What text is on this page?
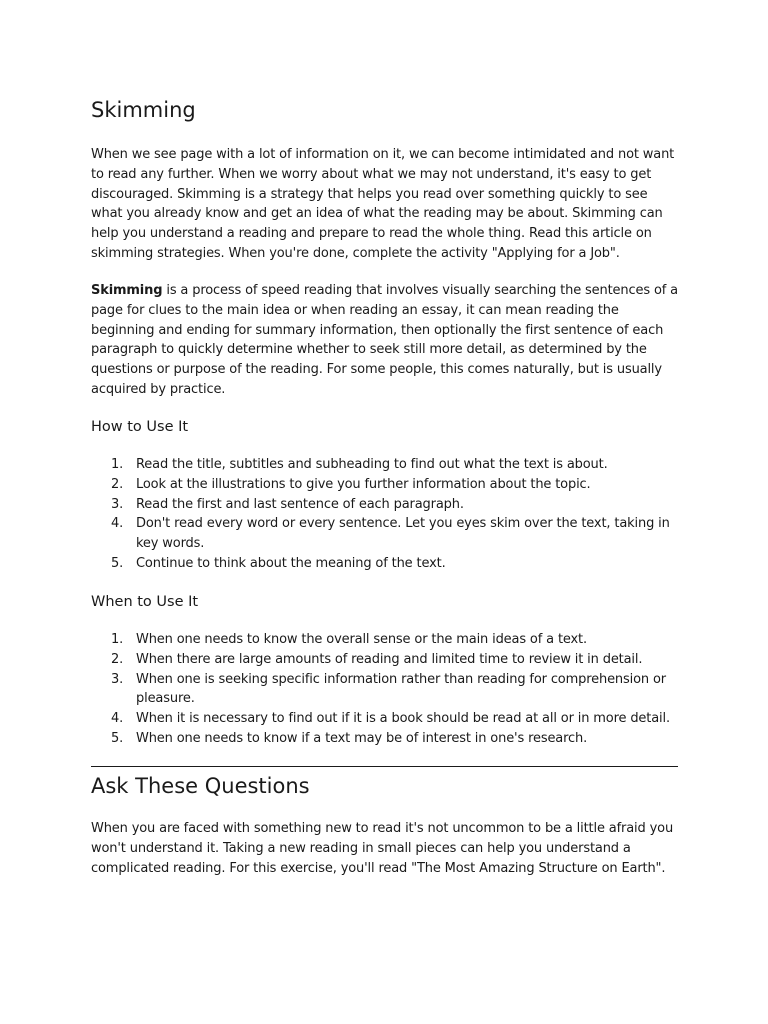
Skimming

When we see page with a lot of information on it, we can become intimidated and not want to read any further. When we worry about what we may not understand, it's easy to get discouraged. Skimming is a strategy that helps you read over something quickly to see what you already know and get an idea of what the reading may be about. Skimming can help you understand a reading and prepare to read the whole thing. Read this article on skimming strategies. When you're done, complete the activity "Applying for a Job".

Skimming is a process of speed reading that involves visually searching the sentences of a page for clues to the main idea or when reading an essay, it can mean reading the beginning and ending for summary information, then optionally the first sentence of each paragraph to quickly determine whether to seek still more detail, as determined by the questions or purpose of the reading. For some people, this comes naturally, but is usually acquired by practice.

How to Use It
1. Read the title, subtitles and subheading to find out what the text is about.
2. Look at the illustrations to give you further information about the topic.
3. Read the first and last sentence of each paragraph.
4. Don't read every word or every sentence. Let you eyes skim over the text, taking in key words.
5. Continue to think about the meaning of the text.
When to Use It
1. When one needs to know the overall sense or the main ideas of a text.
2. When there are large amounts of reading and limited time to review it in detail.
3. When one is seeking specific information rather than reading for comprehension or pleasure.
4. When it is necessary to find out if it is a book should be read at all or in more detail.
5. When one needs to know if a text may be of interest in one's research.
Ask These Questions

When you are faced with something new to read it's not uncommon to be a little afraid you won't understand it. Taking a new reading in small pieces can help you understand a complicated reading. For this exercise, you'll read "The Most Amazing Structure on Earth".
